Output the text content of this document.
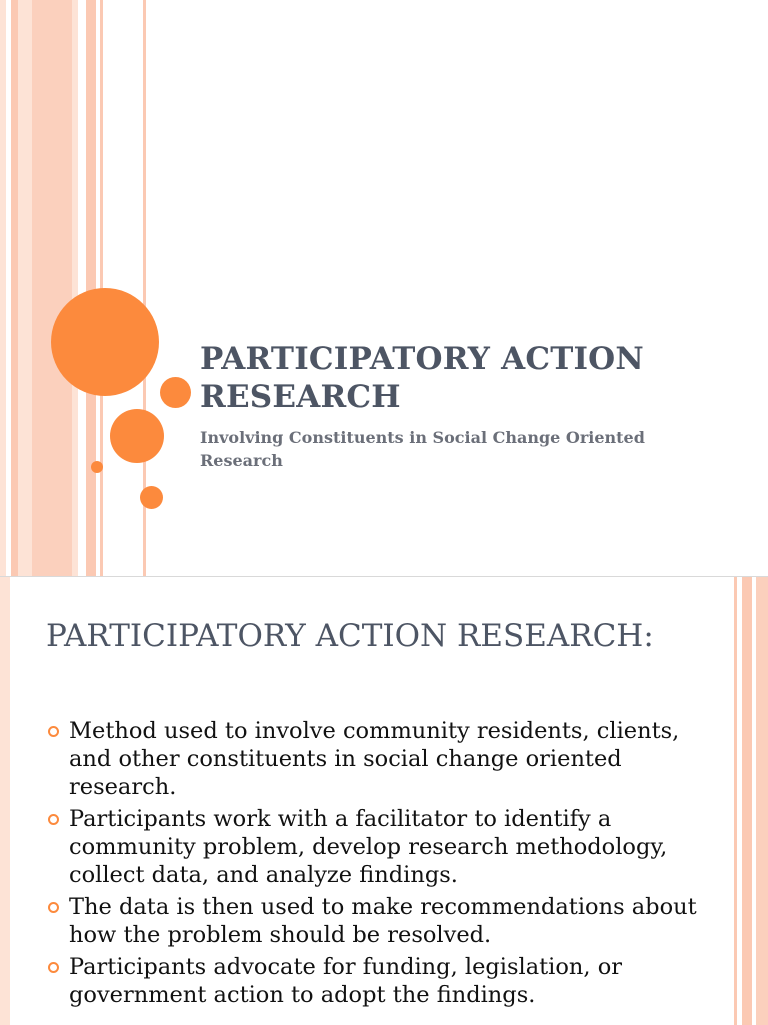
PARTICIPATORY ACTION RESEARCH
Involving Constituents in Social Change Oriented Research
PARTICIPATORY ACTION RESEARCH:
Method used to involve community residents, clients, and other constituents in social change oriented research.
Participants work with a facilitator to identify a community problem, develop research methodology, collect data, and analyze findings.
The data is then used to make recommendations about how the problem should be resolved.
Participants advocate for funding, legislation, or government action to adopt the findings.
